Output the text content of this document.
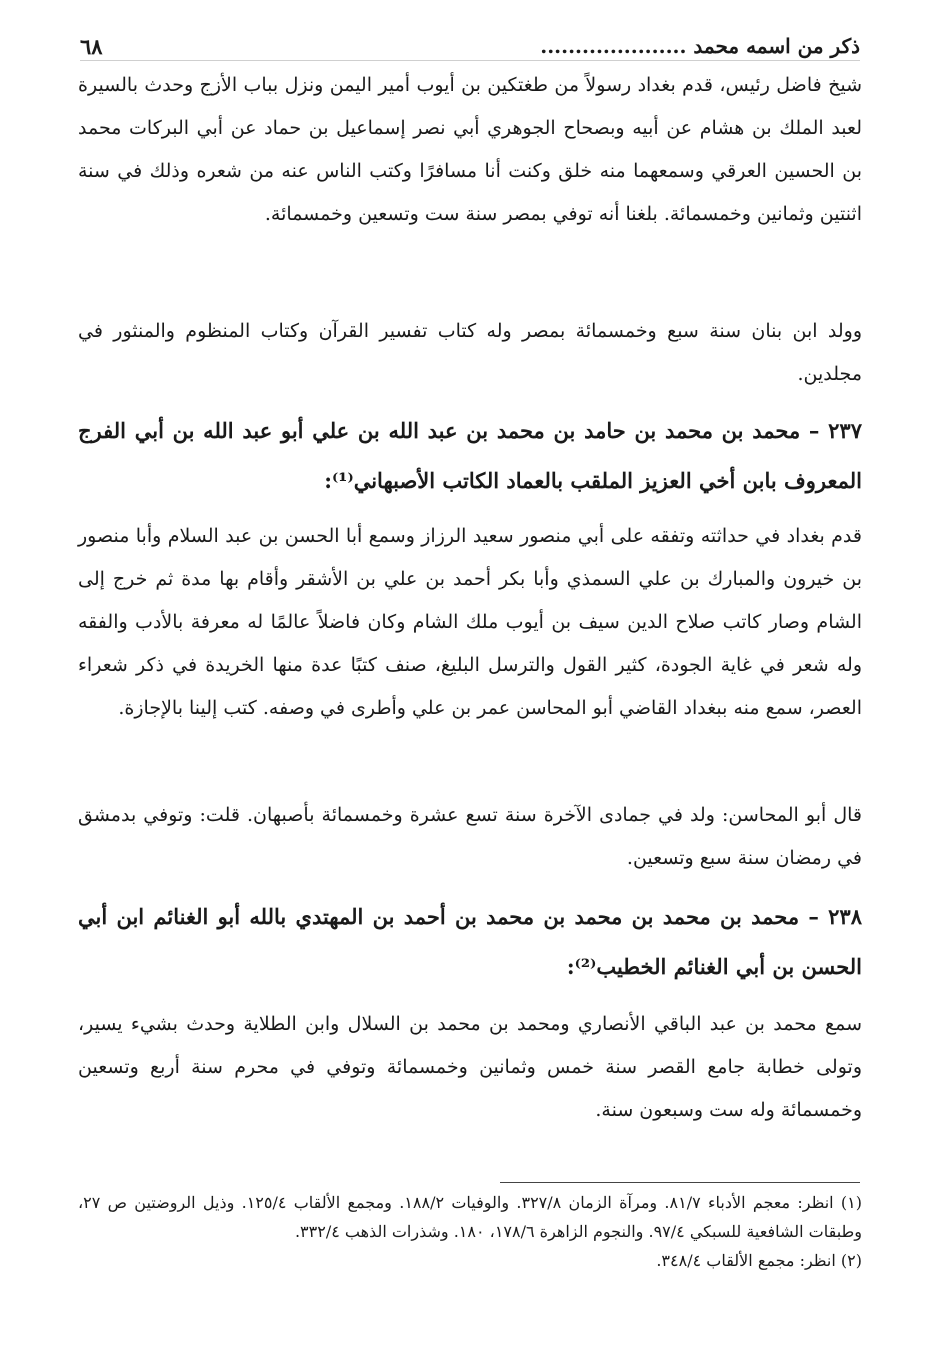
ذكر من اسمه محمد .....................
٦٨

شيخ فاضل رئيس، قدم بغداد رسولاً من طغتكين بن أيوب أمير اليمن ونزل بباب الأزج وحدث بالسيرة لعبد الملك بن هشام عن أبيه وبصحاح الجوهري أبي نصر إسماعيل بن حماد عن أبي البركات محمد بن الحسين العرقي وسمعهما منه خلق وكنت أنا مسافرًا وكتب الناس عنه من شعره وذلك في سنة اثنتين وثمانين وخمسمائة. بلغنا أنه توفي بمصر سنة ست وتسعين وخمسمائة.

وولد ابن بنان سنة سبع وخمسمائة بمصر وله كتاب تفسير القرآن وكتاب المنظوم والمنثور في مجلدين.

٢٣٧ – محمد بن محمد بن حامد بن محمد بن عبد الله بن علي أبو عبد الله بن أبي الفرج المعروف بابن أخي العزيز الملقب بالعماد الكاتب الأصبهاني⁽¹⁾:

قدم بغداد في حداثته وتفقه على أبي منصور سعيد الرزاز وسمع أبا الحسن بن عبد السلام وأبا منصور بن خيرون والمبارك بن علي السمذي وأبا بكر أحمد بن علي بن الأشقر وأقام بها مدة ثم خرج إلى الشام وصار كاتب صلاح الدين سيف بن أيوب ملك الشام وكان فاضلاً عالمًا له معرفة بالأدب والفقه وله شعر في غاية الجودة، كثير القول والترسل البليغ، صنف كتبًا عدة منها الخريدة في ذكر شعراء العصر، سمع منه ببغداد القاضي أبو المحاسن عمر بن علي وأطرى في وصفه. كتب إلينا بالإجازة.

قال أبو المحاسن: ولد في جمادى الآخرة سنة تسع عشرة وخمسمائة بأصبهان. قلت: وتوفي بدمشق في رمضان سنة سبع وتسعين.

٢٣٨ – محمد بن محمد بن محمد بن محمد بن أحمد بن المهتدي بالله أبو الغنائم ابن أبي الحسن بن أبي الغنائم الخطيب⁽²⁾:

سمع محمد بن عبد الباقي الأنصاري ومحمد بن محمد بن السلال وابن الطلاية وحدث بشيء يسير، وتولى خطابة جامع القصر سنة خمس وثمانين وخمسمائة وتوفي في محرم سنة أربع وتسعين وخمسمائة وله ست وسبعون سنة.

(١) انظر: معجم الأدباء ٨١/٧. ومرآة الزمان ٣٢٧/٨. والوفيات ١٨٨/٢. ومجمع الألقاب ١٢٥/٤. وذيل الروضتين ص ٢٧، وطبقات الشافعية للسبكي ٩٧/٤. والنجوم الزاهرة ١٧٨/٦، ١٨٠. وشذرات الذهب ٣٣٢/٤.

(٢) انظر: مجمع الألقاب ٣٤٨/٤.
